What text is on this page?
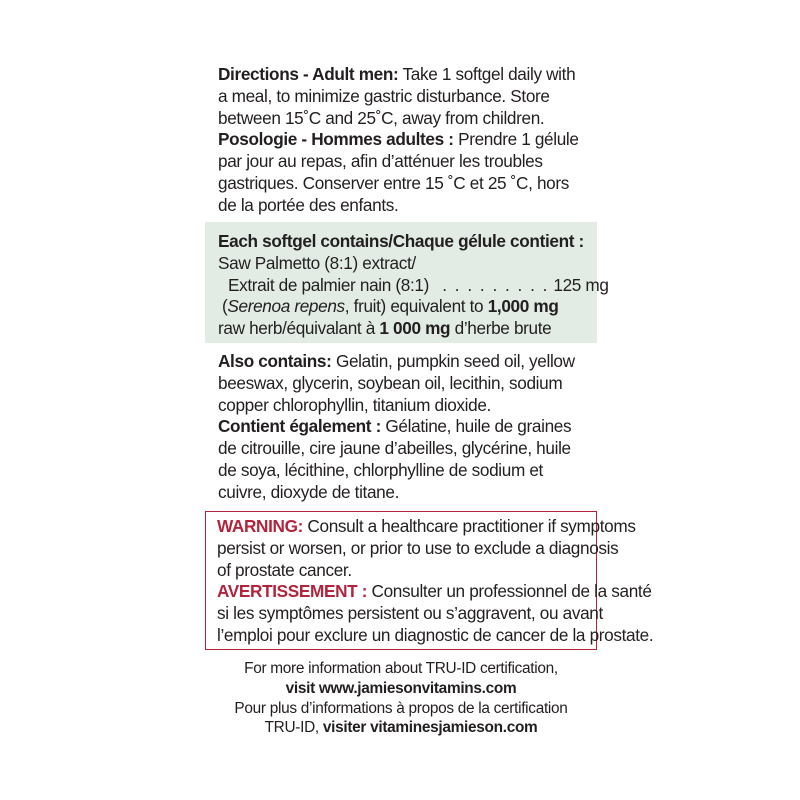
Directions - Adult men: Take 1 softgel daily with
a meal, to minimize gastric disturbance. Store
between 15˚C and 25˚C, away from children.
Posologie - Hommes adultes : Prendre 1 gélule
par jour au repas, afin d’atténuer les troubles
gastriques. Conserver entre 15 ˚C et 25 ˚C, hors
de la portée des enfants.
Each softgel contains/Chaque gélule contient :
Saw Palmetto (8:1) extract/
Extrait de palmier nain (8:1) . . . . . . . . . 125 mg
(Serenoa repens, fruit) equivalent to 1,000 mg
raw herb/équivalant à 1 000 mg d’herbe brute
Also contains: Gelatin, pumpkin seed oil, yellow
beeswax, glycerin, soybean oil, lecithin, sodium
copper chlorophyllin, titanium dioxide.
Contient également : Gélatine, huile de graines
de citrouille, cire jaune d’abeilles, glycérine, huile
de soya, lécithine, chlorphylline de sodium et
cuivre, dioxyde de titane.
WARNING: Consult a healthcare practitioner if symptoms
persist or worsen, or prior to use to exclude a diagnosis
of prostate cancer.
AVERTISSEMENT : Consulter un professionnel de la santé
si les symptômes persistent ou s’aggravent, ou avant
l’emploi pour exclure un diagnostic de cancer de la prostate.
For more information about TRU-ID certification,
visit www.jamiesonvitamins.com
Pour plus d’informations à propos de la certification
TRU-ID, visiter vitaminesjamieson.com
